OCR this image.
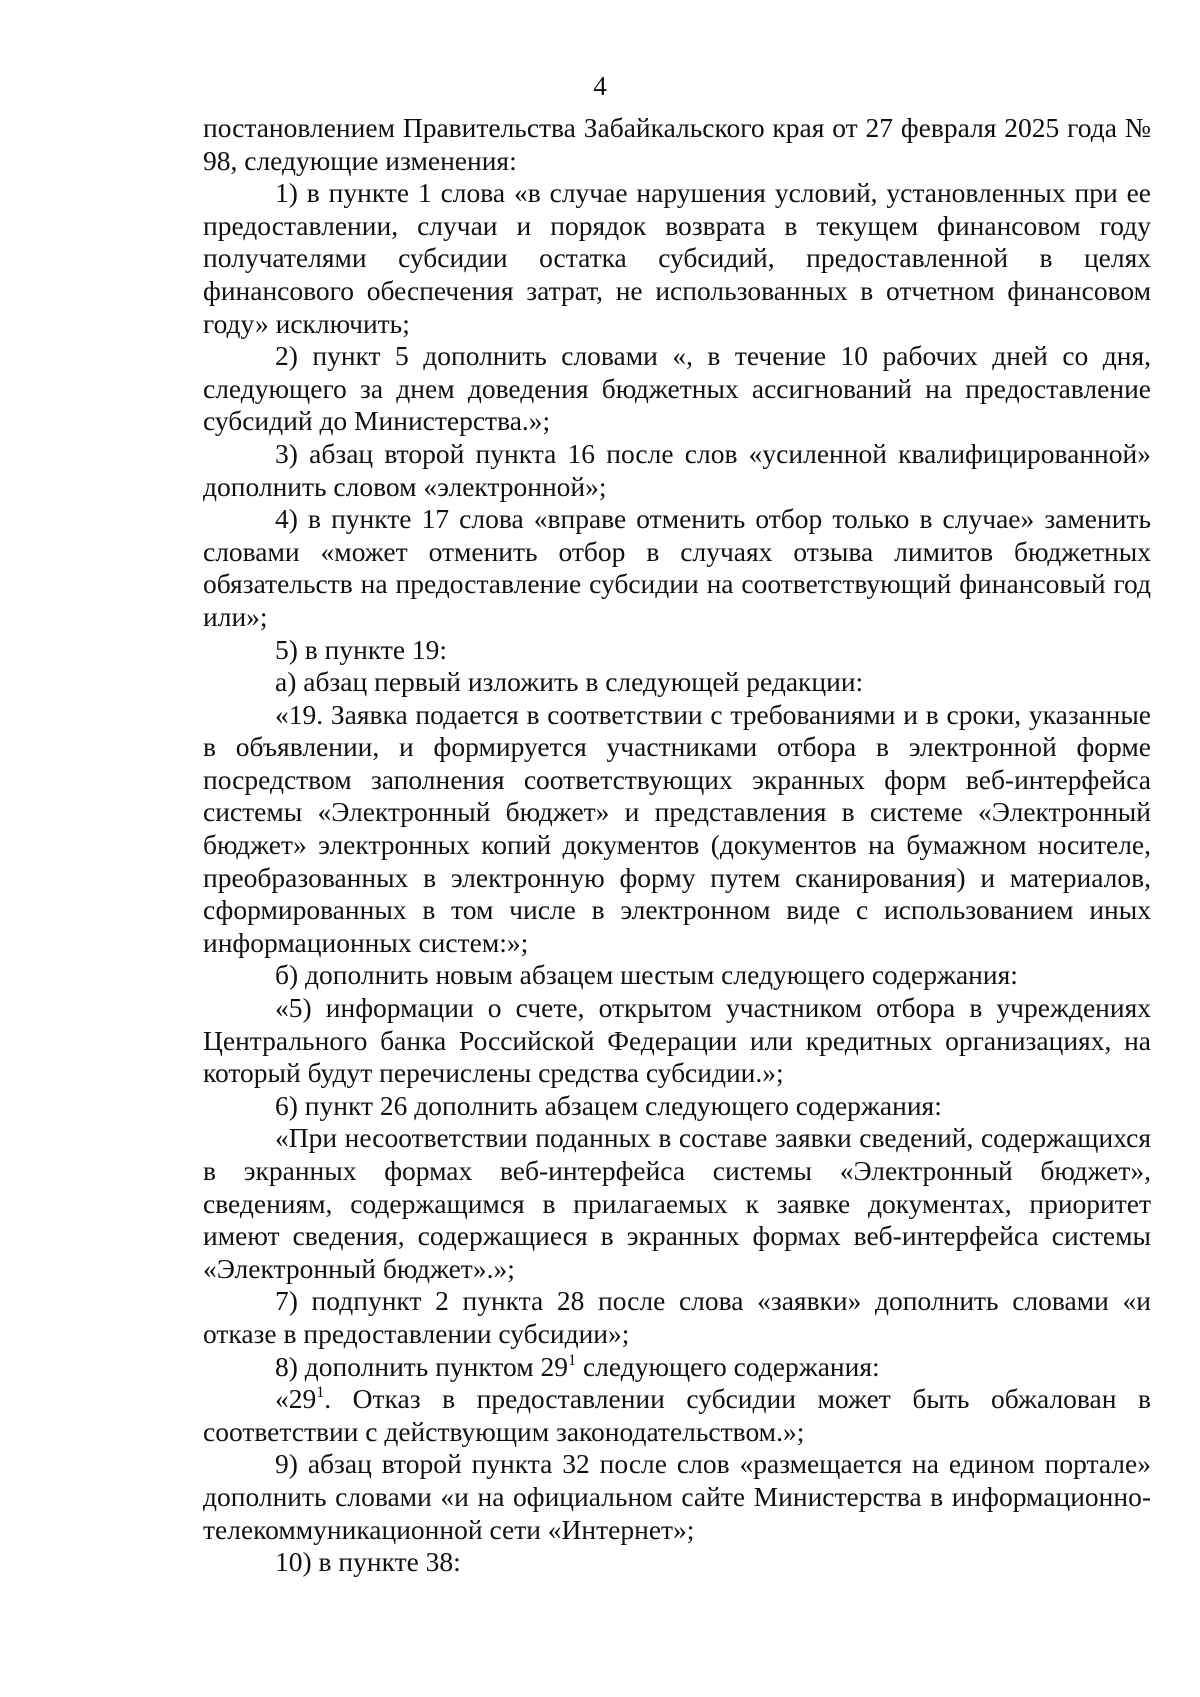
4

постановлением Правительства Забайкальского края от 27 февраля 2025 года № 98, следующие изменения:

1) в пункте 1 слова «в случае нарушения условий, установленных при ее предоставлении, случаи и порядок возврата в текущем финансовом году получателями субсидии остатка субсидий, предоставленной в целях финансового обеспечения затрат, не использованных в отчетном финансовом году» исключить;

2) пункт 5 дополнить словами «, в течение 10 рабочих дней со дня, следующего за днем доведения бюджетных ассигнований на предоставление субсидий до Министерства.»;

3) абзац второй пункта 16 после слов «усиленной квалифицированной» дополнить словом «электронной»;

4) в пункте 17 слова «вправе отменить отбор только в случае» заменить словами «может отменить отбор в случаях отзыва лимитов бюджетных обязательств на предоставление субсидии на соответствующий финансовый год или»;

5) в пункте 19:

а) абзац первый изложить в следующей редакции:

«19. Заявка подается в соответствии с требованиями и в сроки, указанные в объявлении, и формируется участниками отбора в электронной форме посредством заполнения соответствующих экранных форм веб-интерфейса системы «Электронный бюджет» и представления в системе «Электронный бюджет» электронных копий документов (документов на бумажном носителе, преобразованных в электронную форму путем сканирования) и материалов, сформированных в том числе в электронном виде с использованием иных информационных систем:»;

б) дополнить новым абзацем шестым следующего содержания:

«5) информации о счете, открытом участником отбора в учреждениях Центрального банка Российской Федерации или кредитных организациях, на который будут перечислены средства субсидии.»;

6) пункт 26 дополнить абзацем следующего содержания:

«При несоответствии поданных в составе заявки сведений, содержащихся в экранных формах веб-интерфейса системы «Электронный бюджет», сведениям, содержащимся в прилагаемых к заявке документах, приоритет имеют сведения, содержащиеся в экранных формах веб-интерфейса системы «Электронный бюджет».»;

7) подпункт 2 пункта 28 после слова «заявки» дополнить словами «и отказе в предоставлении субсидии»;

8) дополнить пунктом $29^1$ следующего содержания:

«$29^1$. Отказ в предоставлении субсидии может быть обжалован в соответствии с действующим законодательством.»;

9) абзац второй пункта 32 после слов «размещается на едином портале» дополнить словами «и на официальном сайте Министерства в информационно-телекоммуникационной сети «Интернет»;

10) в пункте 38:
